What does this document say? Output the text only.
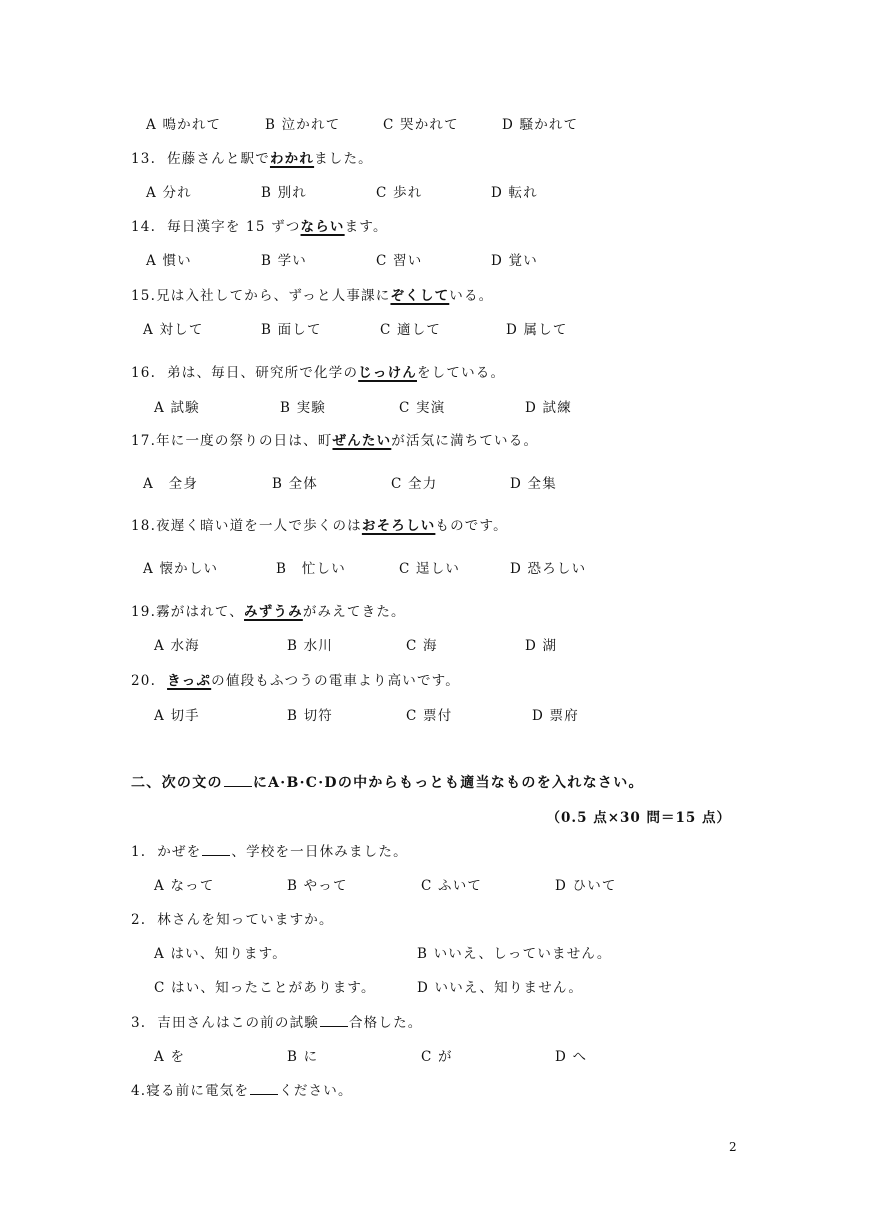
A 鳴かれて	B 泣かれて	C 哭かれて	D 騒かれて
13. 佐藤さんと駅でわかれました。
A 分れ	B 別れ	C 歩れ	D 転れ
14. 毎日漢字を 15 ずつならいます。
A 慣い	B 学い	C 習い	D 覚い
15.兄は入社してから、ずっと人事課にぞくしている。
A 対して	B 面して	C 適して	D 属して
16. 弟は、毎日、研究所で化学のじっけんをしている。
A 試験	B 実験	C 実演	D 試練
17.年に一度の祭りの日は、町ぜんたいが活気に満ちている。
A　全身	B 全体	C 全力	D 全集
18.夜遅く暗い道を一人で歩くのはおそろしいものです。
A 懐かしい	B　忙しい	C 逞しい	D 恐ろしい
19.霧がはれて、みずうみがみえてきた。
A 水海	B 水川	C 海	D 湖
20. きっぷの値段もふつうの電車より高いです。
A 切手	B 切符	C 票付	D 票府
二、次の文の にA·B·C·Dの中からもっとも適当なものを入れなさい。
（0.5 点×30 問＝15 点）
1. かぜを 、学校を一日休みました。
A なって	B やって	C ふいて	D ひいて
2. 林さんを知っていますか。
A はい、知ります。	B いいえ、しっていません。
C はい、知ったことがあります。	D いいえ、知りません。
3. 吉田さんはこの前の試験 合格した。
A を	B に	C が	D へ
4.寝る前に電気を ください。
2
